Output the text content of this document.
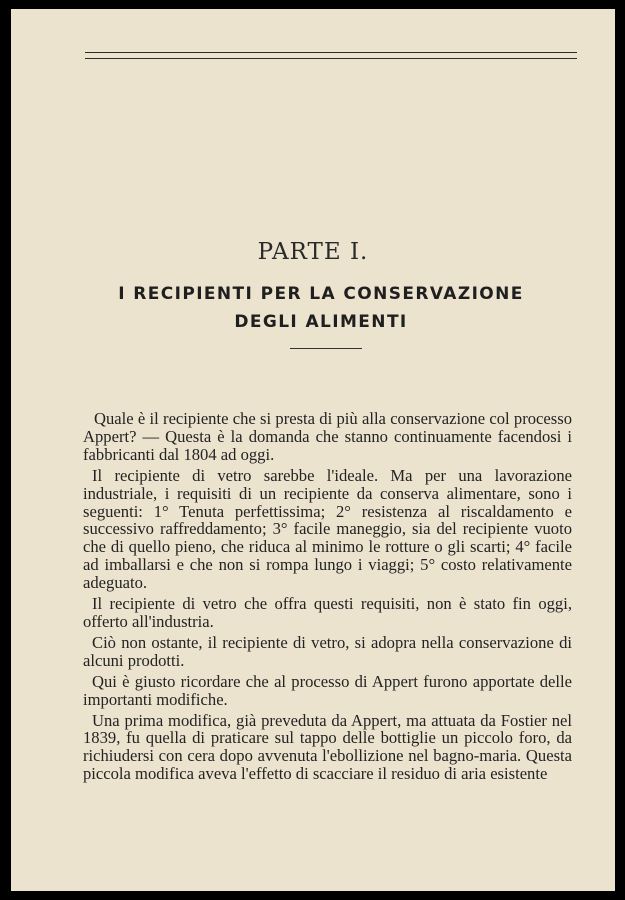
PARTE I.
I RECIPIENTI PER LA CONSERVAZIONE
DEGLI ALIMENTI

Quale è il recipiente che si presta di più alla conservazione col processo Appert? — Questa è la domanda che stanno continuamente facendosi i fabbricanti dal 1804 ad oggi.

Il recipiente di vetro sarebbe l'ideale. Ma per una lavorazione industriale, i requisiti di un recipiente da conserva alimentare, sono i seguenti: 1° Tenuta perfettissima; 2° resistenza al riscaldamento e successivo raffreddamento; 3° facile maneggio, sia del recipiente vuoto che di quello pieno, che riduca al minimo le rotture o gli scarti; 4° facile ad imballarsi e che non si rompa lungo i viaggi; 5° costo relativamente adeguato.

Il recipiente di vetro che offra questi requisiti, non è stato fin oggi, offerto all'industria.

Ciò non ostante, il recipiente di vetro, si adopra nella conservazione di alcuni prodotti.

Qui è giusto ricordare che al processo di Appert furono apportate delle importanti modifiche.

Una prima modifica, già preveduta da Appert, ma attuata da Fostier nel 1839, fu quella di praticare sul tappo delle bottiglie un piccolo foro, da richiudersi con cera dopo avvenuta l'ebollizione nel bagno-maria. Questa piccola modifica aveva l'effetto di scacciare il residuo di aria esistente
